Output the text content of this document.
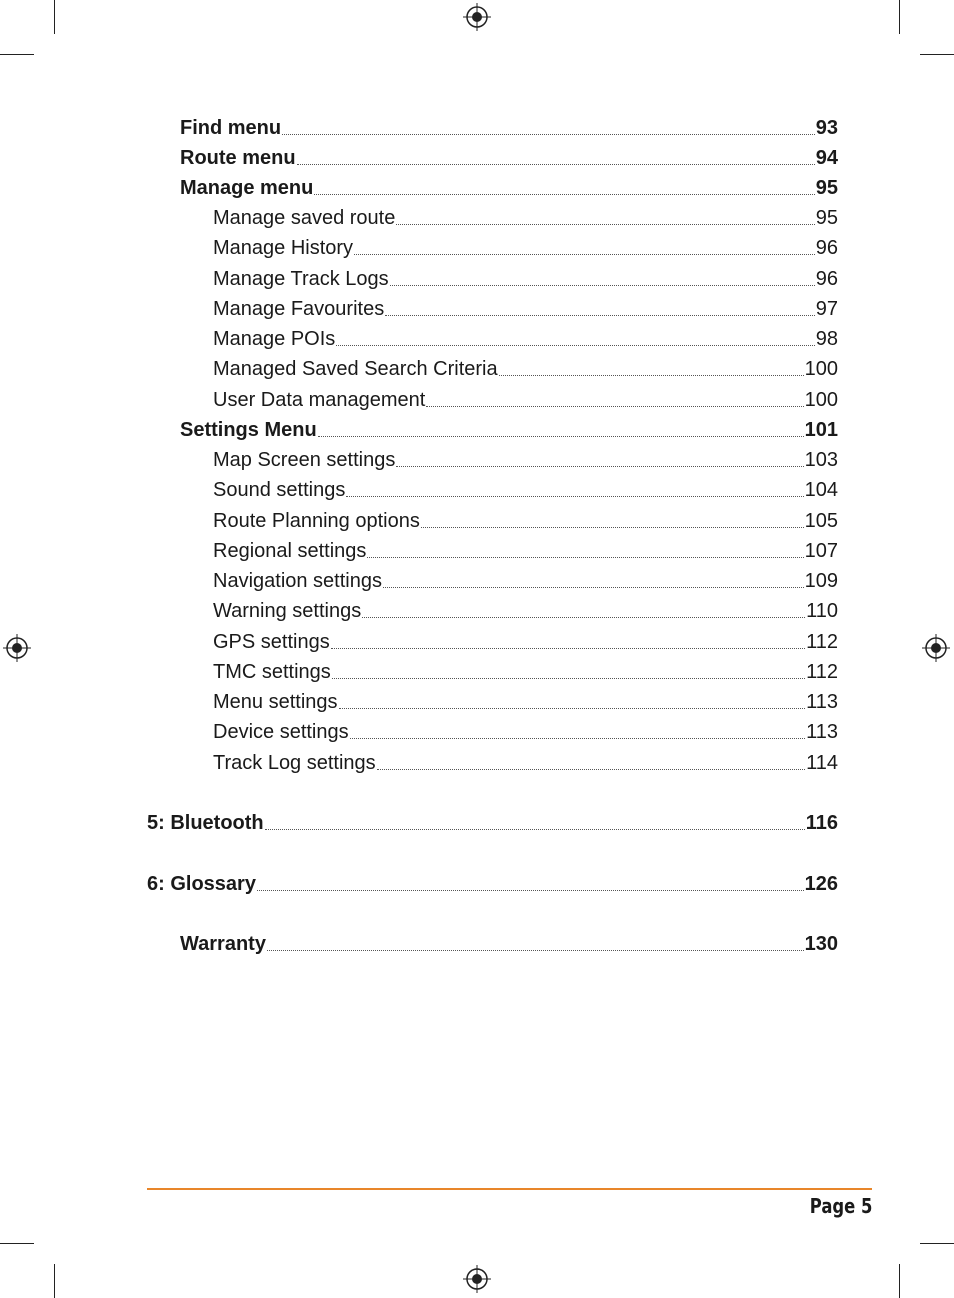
Find menu	93
Route menu	94
Manage menu	95
Manage saved route	95
Manage History	96
Manage Track Logs	96
Manage Favourites	97
Manage POIs	98
Managed Saved Search Criteria	100
User Data management	100
Settings Menu	101
Map Screen settings	103
Sound settings	104
Route Planning options	105
Regional settings	107
Navigation settings	109
Warning settings	110
GPS settings	112
TMC settings	112
Menu settings	113
Device settings	113
Track Log settings	114
5: Bluetooth	116
6: Glossary	126
Warranty	130
Page 5
